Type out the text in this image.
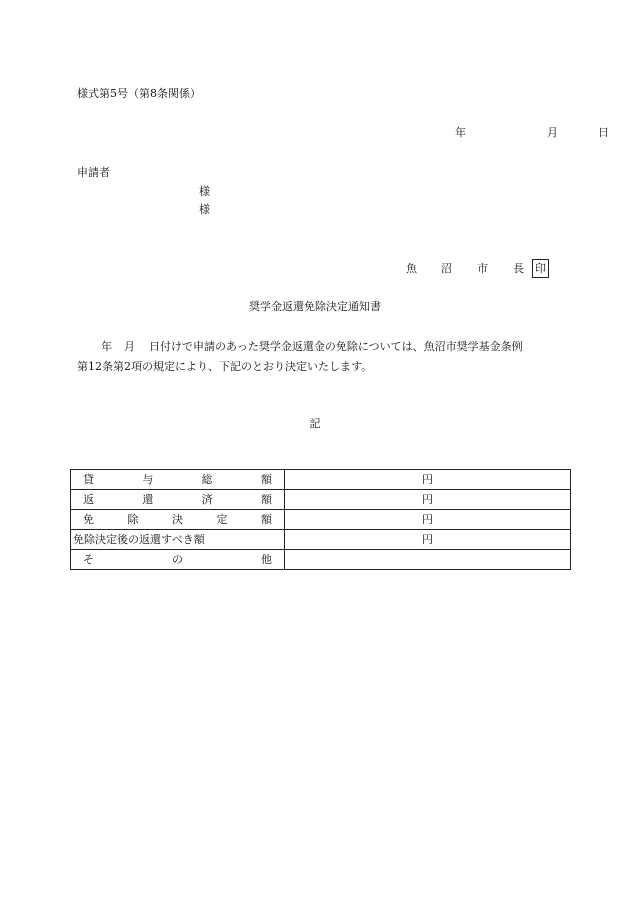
様式第5号（第8条関係）
年	月	日
申請者
様
様
魚 沼 市 長 印
奨学金返還免除決定通知書
年 月 日付けで申請のあった奨学金返還金の免除については、魚沼市奨学基金条例
第12条第2項の規定により、下記のとおり決定いたします。
記
貸 与 総 額	円

返 還 済 額	円

免 除 決 定 額	円
免除決定後の返還すべき額	円

そ の 他	
